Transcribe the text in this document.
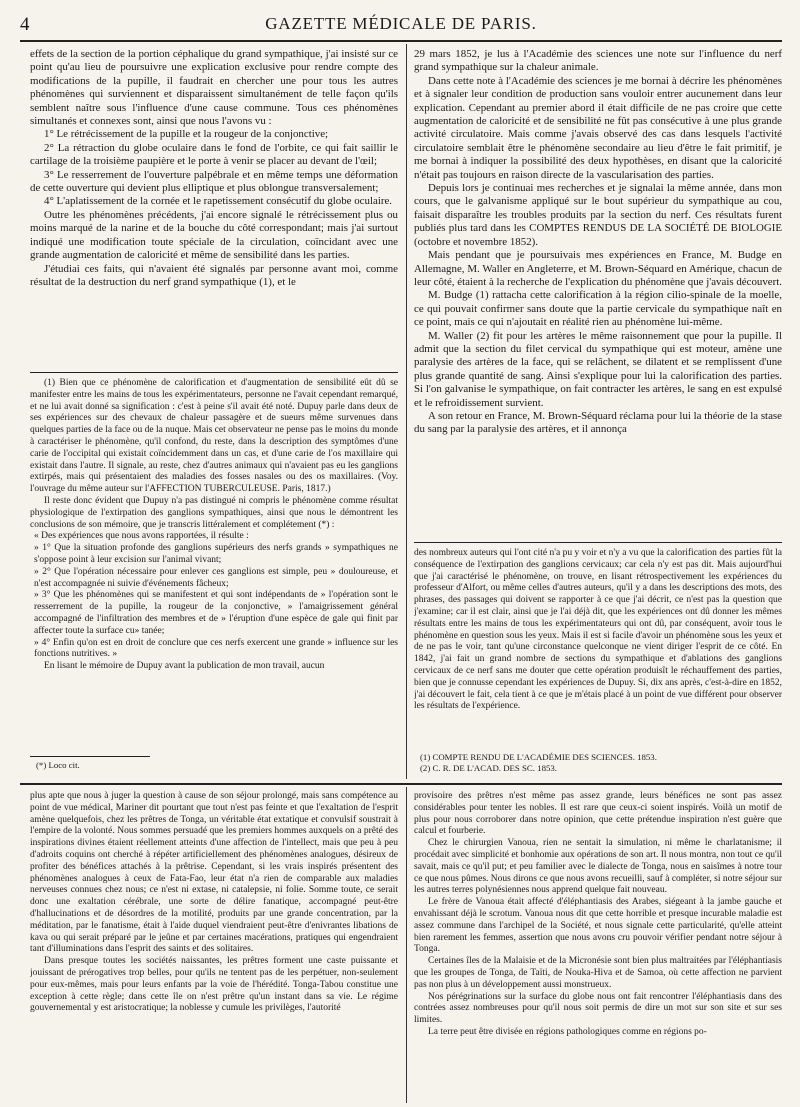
4	GAZETTE MÉDICALE DE PARIS.

effets de la section de la portion céphalique du grand sympathique, j'ai insisté sur ce point qu'au lieu de poursuivre une explication exclusive pour rendre compte des modifications de la pupille, il faudrait en chercher une pour tous les autres phénomènes qui surviennent et disparaissent simultanément de telle façon qu'ils semblent naître sous l'influence d'une cause commune. Tous ces phénomènes simultanés et connexes sont, ainsi que nous l'avons vu :

1° Le rétrécissement de la pupille et la rougeur de la conjonctive;

2° La rétraction du globe oculaire dans le fond de l'orbite, ce qui fait saillir le cartilage de la troisième paupière et le porte à venir se placer au devant de l'œil;

3° Le resserrement de l'ouverture palpébrale et en même temps une déformation de cette ouverture qui devient plus elliptique et plus oblongue transversalement;

4° L'aplatissement de la cornée et le rapetissement consécutif du globe oculaire.

Outre les phénomènes précédents, j'ai encore signalé le rétrécissement plus ou moins marqué de la narine et de la bouche du côté correspondant; mais j'ai surtout indiqué une modification toute spéciale de la circulation, coïncidant avec une grande augmentation de caloricité et même de sensibilité dans les parties.

J'étudiai ces faits, qui n'avaient été signalés par personne avant moi, comme résultat de la destruction du nerf grand sympathique (1), et le

(1) Bien que ce phénomène de calorification et d'augmentation de sensibilité eût dû se manifester entre les mains de tous les expérimentateurs, personne ne l'avait cependant remarqué, et ne lui avait donné sa signification : c'est à peine s'il avait été noté. Dupuy parle dans deux de ses expériences sur des chevaux de chaleur passagère et de sueurs même survenues dans quelques parties de la face ou de la nuque. Mais cet observateur ne pense pas le moins du monde à caractériser le phénomène, qu'il confond, du reste, dans la description des symptômes d'une carie de l'occipital qui existait coïncidemment dans un cas, et d'une carie de l'os maxillaire qui existait dans l'autre. Il signale, au reste, chez d'autres animaux qui n'avaient pas eu les ganglions extirpés, mais qui présentaient des maladies des fosses nasales ou des os maxillaires. (Voy. l'ouvrage du même auteur sur l'AFFECTION TUBERCULEUSE. Paris, 1817.)

Il reste donc évident que Dupuy n'a pas distingué ni compris le phénomène comme résultat physiologique de l'extirpation des ganglions sympathiques, ainsi que nous le démontrent les conclusions de son mémoire, que je transcris littéralement et complétement (*) :

« Des expériences que nous avons rapportées, il résulte :

» 1° Que la situation profonde des ganglions supérieurs des nerfs grands » sympathiques ne s'oppose point à leur excision sur l'animal vivant;

» 2° Que l'opération nécessaire pour enlever ces ganglions est simple, peu » douloureuse, et n'est accompagnée ni suivie d'événements fâcheux;

» 3° Que les phénomènes qui se manifestent et qui sont indépendants de » l'opération sont le resserrement de la pupille, la rougeur de la conjonctive, » l'amaigrissement général accompagné de l'infiltration des membres et de » l'éruption d'une espèce de gale qui finit par affecter toute la surface cu» tanée;

» 4° Enfin qu'on est en droit de conclure que ces nerfs exercent une grande » influence sur les fonctions nutritives. »

En lisant le mémoire de Dupuy avant la publication de mon travail, aucun

(*) Loco cit.

29 mars 1852, je lus à l'Académie des sciences une note sur l'influence du nerf grand sympathique sur la chaleur animale.

Dans cette note à l'Académie des sciences je me bornai à décrire les phénomènes et à signaler leur condition de production sans vouloir entrer aucunement dans leur explication. Cependant au premier abord il était difficile de ne pas croire que cette augmentation de caloricité et de sensibilité ne fût pas consécutive à une plus grande activité circulatoire. Mais comme j'avais observé des cas dans lesquels l'activité circulatoire semblait être le phénomène secondaire au lieu d'être le fait primitif, je me bornai à indiquer la possibilité des deux hypothèses, en disant que la caloricité n'était pas toujours en raison directe de la vascularisation des parties.

Depuis lors je continuai mes recherches et je signalai la même année, dans mon cours, que le galvanisme appliqué sur le bout supérieur du sympathique au cou, faisait disparaître les troubles produits par la section du nerf. Ces résultats furent publiés plus tard dans les COMPTES RENDUS DE LA SOCIÉTÉ DE BIOLOGIE (octobre et novembre 1852).

Mais pendant que je poursuivais mes expériences en France, M. Budge en Allemagne, M. Waller en Angleterre, et M. Brown-Séquard en Amérique, chacun de leur côté, étaient à la recherche de l'explication du phénomène que j'avais découvert.

M. Budge (1) rattacha cette calorification à la région cilio-spinale de la moelle, ce qui pouvait confirmer sans doute que la partie cervicale du sympathique naît en ce point, mais ce qui n'ajoutait en réalité rien au phénomène lui-même.

M. Waller (2) fit pour les artères le même raisonnement que pour la pupille. Il admit que la section du filet cervical du sympathique qui est moteur, amène une paralysie des artères de la face, qui se relâchent, se dilatent et se remplissent d'une plus grande quantité de sang. Ainsi s'explique pour lui la calorification des parties. Si l'on galvanise le sympathique, on fait contracter les artères, le sang en est expulsé et le refroidissement survient.

A son retour en France, M. Brown-Séquard réclama pour lui la théorie de la stase du sang par la paralysie des artères, et il annonça

des nombreux auteurs qui l'ont cité n'a pu y voir et n'y a vu que la calorification des parties fût la conséquence de l'extirpation des ganglions cervicaux; car cela n'y est pas dit. Mais aujourd'hui que j'ai caractérisé le phénomène, on trouve, en lisant rétrospectivement les expériences du professeur d'Alfort, ou même celles d'autres auteurs, qu'il y a dans les descriptions des mots, des phrases, des passages qui doivent se rapporter à ce que j'ai décrit, ce n'est pas la question que j'examine; car il est clair, ainsi que je l'ai déjà dit, que les expériences ont dû donner les mêmes résultats entre les mains de tous les expérimentateurs qui ont dû, par conséquent, avoir tous le phénomène en question sous les yeux. Mais il est si facile d'avoir un phénomène sous les yeux et de ne pas le voir, tant qu'une circonstance quelconque ne vient diriger l'esprit de ce côté. En 1842, j'ai fait un grand nombre de sections du sympathique et d'ablations des ganglions cervicaux de ce nerf sans me douter que cette opération produisît le réchauffement des parties, bien que je connusse cependant les expériences de Dupuy. Si, dix ans après, c'est-à-dire en 1852, j'ai découvert le fait, cela tient à ce que je m'étais placé à un point de vue différent pour observer les résultats de l'expérience.

(1) COMPTE RENDU DE L'ACADÉMIE DES SCIENCES. 1853.

(2) C. R. DE L'ACAD. DES SC. 1853.

plus apte que nous à juger la question à cause de son séjour prolongé, mais sans compétence au point de vue médical, Mariner dit pourtant que tout n'est pas feinte et que l'exaltation de l'esprit amène quelquefois, chez les prêtres de Tonga, un véritable état extatique et convulsif soustrait à l'empire de la volonté. Nous sommes persuadé que les premiers hommes auxquels on a prêté des inspirations divines étaient réellement atteints d'une affection de l'intellect, mais que peu à peu d'adroits coquins ont cherché à répéter artificiellement des phénomènes analogues, désireux de profiter des bénéfices attachés à la prêtrise. Cependant, si les vrais inspirés présentent des phénomènes analogues à ceux de Fata-Fao, leur état n'a rien de comparable aux maladies nerveuses connues chez nous; ce n'est ni extase, ni catalepsie, ni folie. Somme toute, ce serait donc une exaltation cérébrale, une sorte de délire fanatique, accompagné peut-être d'hallucinations et de désordres de la motilité, produits par une grande concentration, par la méditation, par le fanatisme, était à l'aide duquel viendraient peut-être d'enivrantes libations de kava ou qui serait préparé par le jeûne et par certaines macérations, pratiques qui engendraient tant d'illuminations dans l'esprit des saints et des solitaires.

Dans presque toutes les sociétés naissantes, les prêtres forment une caste puissante et jouissant de prérogatives trop belles, pour qu'ils ne tentent pas de les perpétuer, non-seulement pour eux-mêmes, mais pour leurs enfants par la voie de l'hérédité. Tonga-Tabou constitue une exception à cette règle; dans cette île on n'est prêtre qu'un instant dans sa vie. Le régime gouvernemental y est aristocratique; la noblesse y cumule les privilèges, l'autorité

provisoire des prêtres n'est même pas assez grande, leurs bénéfices ne sont pas assez considérables pour tenter les nobles. Il est rare que ceux-ci soient inspirés. Voilà un motif de plus pour nous corroborer dans notre opinion, que cette prétendue inspiration n'est guère que calcul et fourberie.

Chez le chirurgien Vanoua, rien ne sentait la simulation, ni même le charlatanisme; il procédait avec simplicité et bonhomie aux opérations de son art. Il nous montra, non tout ce qu'il savait, mais ce qu'il put; et peu familier avec le dialecte de Tonga, nous en saisîmes à notre tour ce que nous pûmes. Nous dirons ce que nous avons recueilli, sauf à compléter, si notre séjour sur les autres terres polynésiennes nous apprend quelque fait nouveau.

Le frère de Vanoua était affecté d'éléphantiasis des Arabes, siégeant à la jambe gauche et envahissant déjà le scrotum. Vanoua nous dit que cette horrible et presque incurable maladie est assez commune dans l'archipel de la Société, et nous signale cette particularité, qu'elle atteint bien rarement les femmes, assertion que nous avons cru pouvoir vérifier pendant notre séjour à Tonga.

Certaines îles de la Malaisie et de la Micronésie sont bien plus maltraitées par l'éléphantiasis que les groupes de Tonga, de Taïti, de Nouka-Hiva et de Samoa, où cette affection ne parvient pas non plus à un développement aussi monstrueux.

Nos pérégrinations sur la surface du globe nous ont fait rencontrer l'éléphantiasis dans des contrées assez nombreuses pour qu'il nous soit permis de dire un mot sur son site et sur ses limites.

La terre peut être divisée en régions pathologiques comme en régions po-
